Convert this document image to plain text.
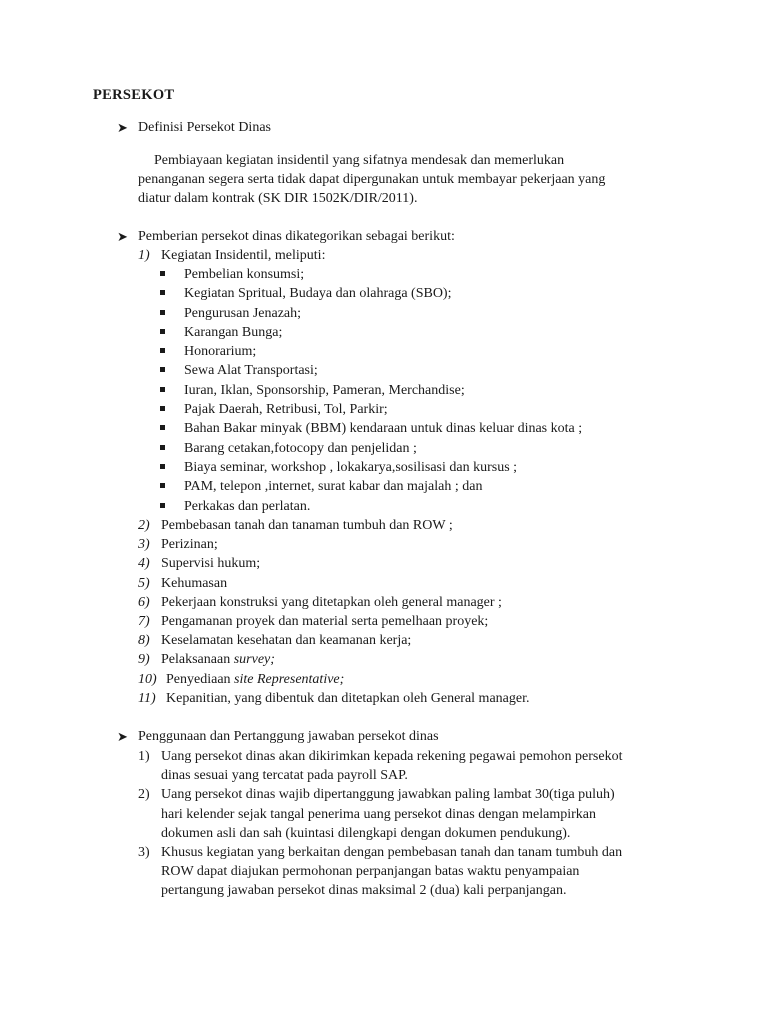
PERSEKOT
➤ Definisi Persekot Dinas
Pembiayaan kegiatan insidentil yang sifatnya mendesak dan memerlukan
penanganan segera serta tidak dapat dipergunakan untuk membayar pekerjaan yang
diatur dalam kontrak (SK DIR 1502K/DIR/2011).
➤ Pemberian persekot dinas dikategorikan sebagai berikut:
1) Kegiatan Insidentil, meliputi:
Pembelian konsumsi;
Kegiatan Spritual, Budaya dan olahraga (SBO);
Pengurusan Jenazah;
Karangan Bunga;
Honorarium;
Sewa Alat Transportasi;
Iuran, Iklan, Sponsorship, Pameran, Merchandise;
Pajak Daerah, Retribusi, Tol, Parkir;
Bahan Bakar minyak (BBM) kendaraan untuk dinas keluar dinas kota ;
Barang cetakan,fotocopy dan penjelidan ;
Biaya seminar, workshop , lokakarya,sosilisasi dan kursus ;
PAM, telepon ,internet, surat kabar dan majalah ; dan
Perkakas dan perlatan.
2) Pembebasan tanah dan tanaman tumbuh dan ROW ;
3) Perizinan;
4) Supervisi hukum;
5) Kehumasan
6) Pekerjaan konstruksi yang ditetapkan oleh general manager ;
7) Pengamanan proyek dan material serta pemelhaan proyek;
8) Keselamatan kesehatan dan keamanan kerja;
9) Pelaksanaan survey;
10) Penyediaan site Representative;
11) Kepanitian, yang dibentuk dan ditetapkan oleh General manager.
➤ Penggunaan dan Pertanggung jawaban persekot dinas
1) Uang persekot dinas akan dikirimkan kepada rekening pegawai pemohon persekot
dinas sesuai yang tercatat pada payroll SAP.
2) Uang persekot dinas wajib dipertanggung jawabkan paling lambat 30(tiga puluh)
hari kelender sejak tangal penerima uang persekot dinas dengan melampirkan
dokumen asli dan sah (kuintasi dilengkapi dengan dokumen pendukung).
3) Khusus kegiatan yang berkaitan dengan pembebasan tanah dan tanam tumbuh dan
ROW dapat diajukan permohonan perpanjangan batas waktu penyampaian
pertangung jawaban persekot dinas maksimal 2 (dua) kali perpanjangan.
